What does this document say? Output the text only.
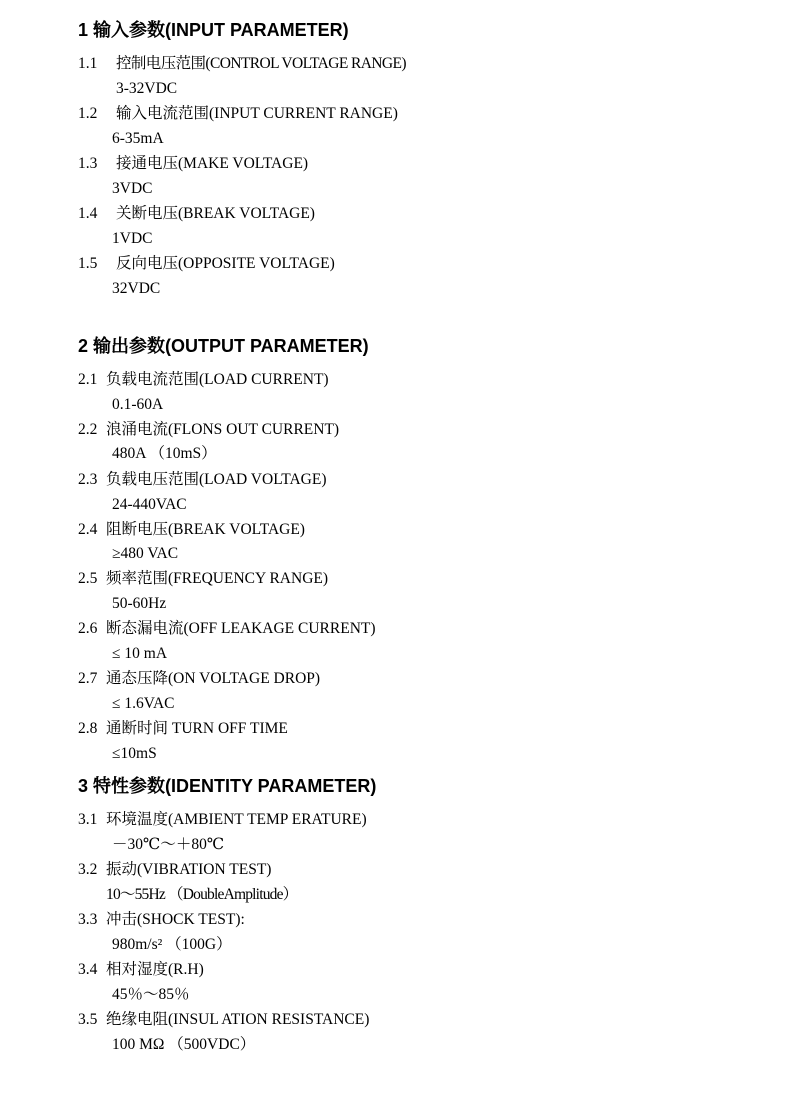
1 输入参数(INPUT PARAMETER)
1.1 控制电压范围(CONTROL VOLTAGE RANGE)
3-32VDC
1.2 输入电流范围(INPUT CURRENT RANGE)
6-35mA
1.3 接通电压(MAKE VOLTAGE)
3VDC
1.4 关断电压(BREAK VOLTAGE)
1VDC
1.5 反向电压(OPPOSITE VOLTAGE)
32VDC
2 输出参数(OUTPUT PARAMETER)
2.1 负载电流范围(LOAD CURRENT)
0.1-60A
2.2 浪涌电流(FLONS OUT CURRENT)
480A （10mS）
2.3 负载电压范围(LOAD VOLTAGE)
24-440VAC
2.4 阻断电压(BREAK VOLTAGE)
≥480 VAC
2.5 频率范围(FREQUENCY RANGE)
50-60Hz
2.6 断态漏电流(OFF LEAKAGE CURRENT)
≤ 10 mA
2.7 通态压降(ON VOLTAGE DROP)
≤ 1.6VAC
2.8 通断时间 TURN OFF TIME
≤10mS
3 特性参数(IDENTITY PARAMETER)
3.1 环境温度(AMBIENT TEMP ERATURE)
－30℃～＋80℃
3.2 振动(VIBRATION TEST)
10～55Hz （DoubleAmplitude）
3.3 冲击(SHOCK TEST):
980m/s² （100G）
3.4 相对湿度(R.H)
45％～85％
3.5 绝缘电阻(INSUL ATION RESISTANCE)
100 MΩ （500VDC）
